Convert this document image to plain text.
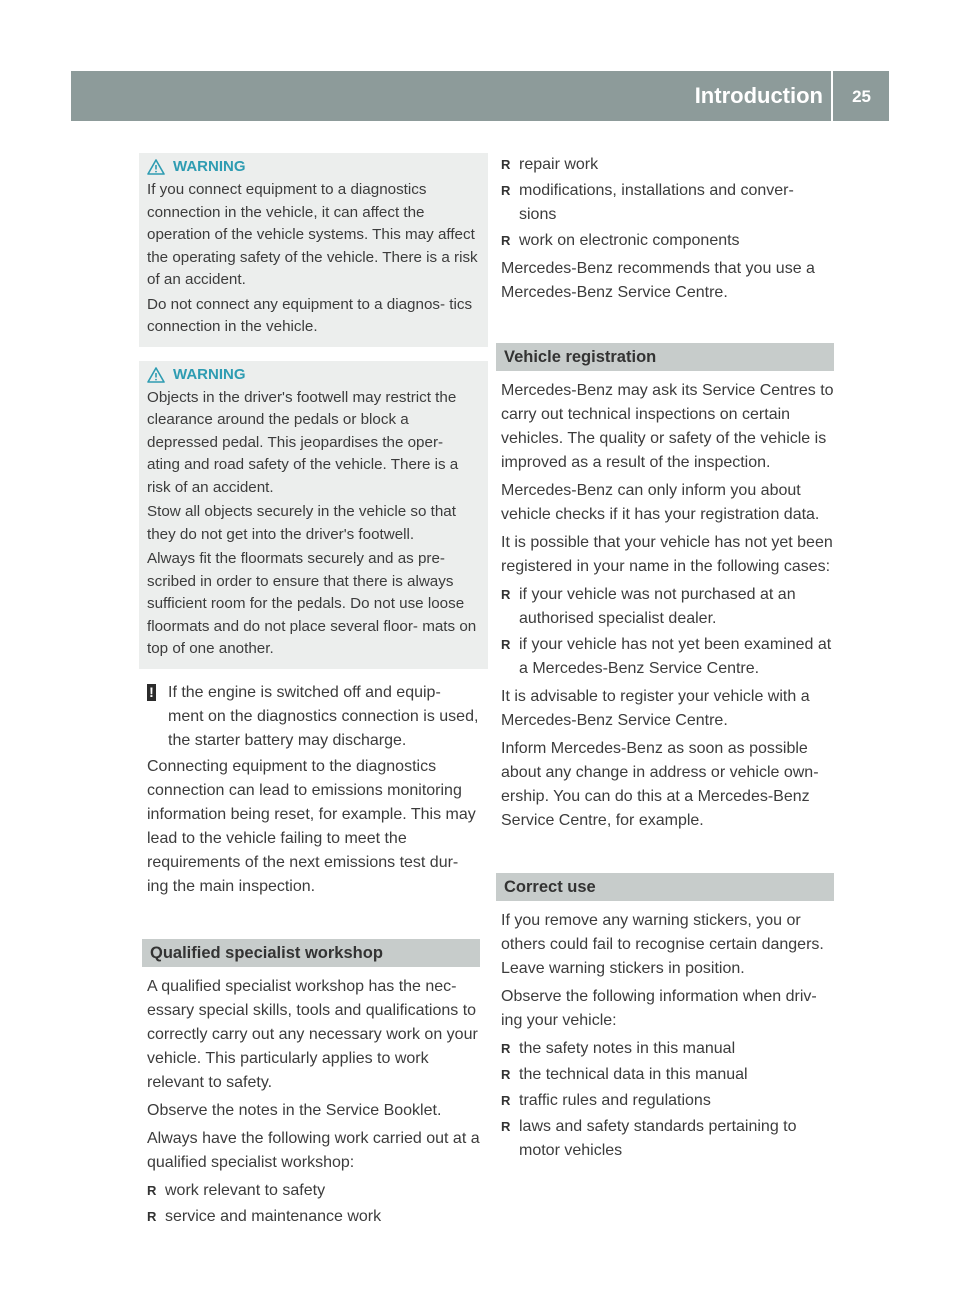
Introduction 25
WARNING

If you connect equipment to a diagnostics connection in the vehicle, it can affect the operation of the vehicle systems. This may affect the operating safety of the vehicle. There is a risk of an accident.

Do not connect any equipment to a diagnos- tics connection in the vehicle.

WARNING

Objects in the driver's footwell may restrict the clearance around the pedals or block a depressed pedal. This jeopardises the oper- ating and road safety of the vehicle. There is a risk of an accident.

Stow all objects securely in the vehicle so that they do not get into the driver's footwell.

Always fit the floormats securely and as pre- scribed in order to ensure that there is always sufficient room for the pedals. Do not use loose floormats and do not place several floor- mats on top of one another.

! If the engine is switched off and equip- ment on the diagnostics connection is used, the starter battery may discharge.

Connecting equipment to the diagnostics connection can lead to emissions monitoring information being reset, for example. This may lead to the vehicle failing to meet the requirements of the next emissions test dur- ing the main inspection.

Qualified specialist workshop

A qualified specialist workshop has the nec- essary special skills, tools and qualifications to correctly carry out any necessary work on your vehicle. This particularly applies to work relevant to safety.

Observe the notes in the Service Booklet.

Always have the following work carried out at a qualified specialist workshop:

R work relevant to safety
R service and maintenance work
R repair work
R modifications, installations and conver- sions
R work on electronic components

Mercedes-Benz recommends that you use a Mercedes-Benz Service Centre.

Vehicle registration

Mercedes-Benz may ask its Service Centres to carry out technical inspections on certain vehicles. The quality or safety of the vehicle is improved as a result of the inspection.

Mercedes-Benz can only inform you about vehicle checks if it has your registration data.

It is possible that your vehicle has not yet been registered in your name in the following cases:

R if your vehicle was not purchased at an authorised specialist dealer.
R if your vehicle has not yet been examined at a Mercedes-Benz Service Centre.

It is advisable to register your vehicle with a Mercedes-Benz Service Centre.

Inform Mercedes-Benz as soon as possible about any change in address or vehicle own- ership. You can do this at a Mercedes-Benz Service Centre, for example.

Correct use

If you remove any warning stickers, you or others could fail to recognise certain dangers. Leave warning stickers in position.

Observe the following information when driv- ing your vehicle:

R the safety notes in this manual
R the technical data in this manual
R traffic rules and regulations
R laws and safety standards pertaining to motor vehicles
